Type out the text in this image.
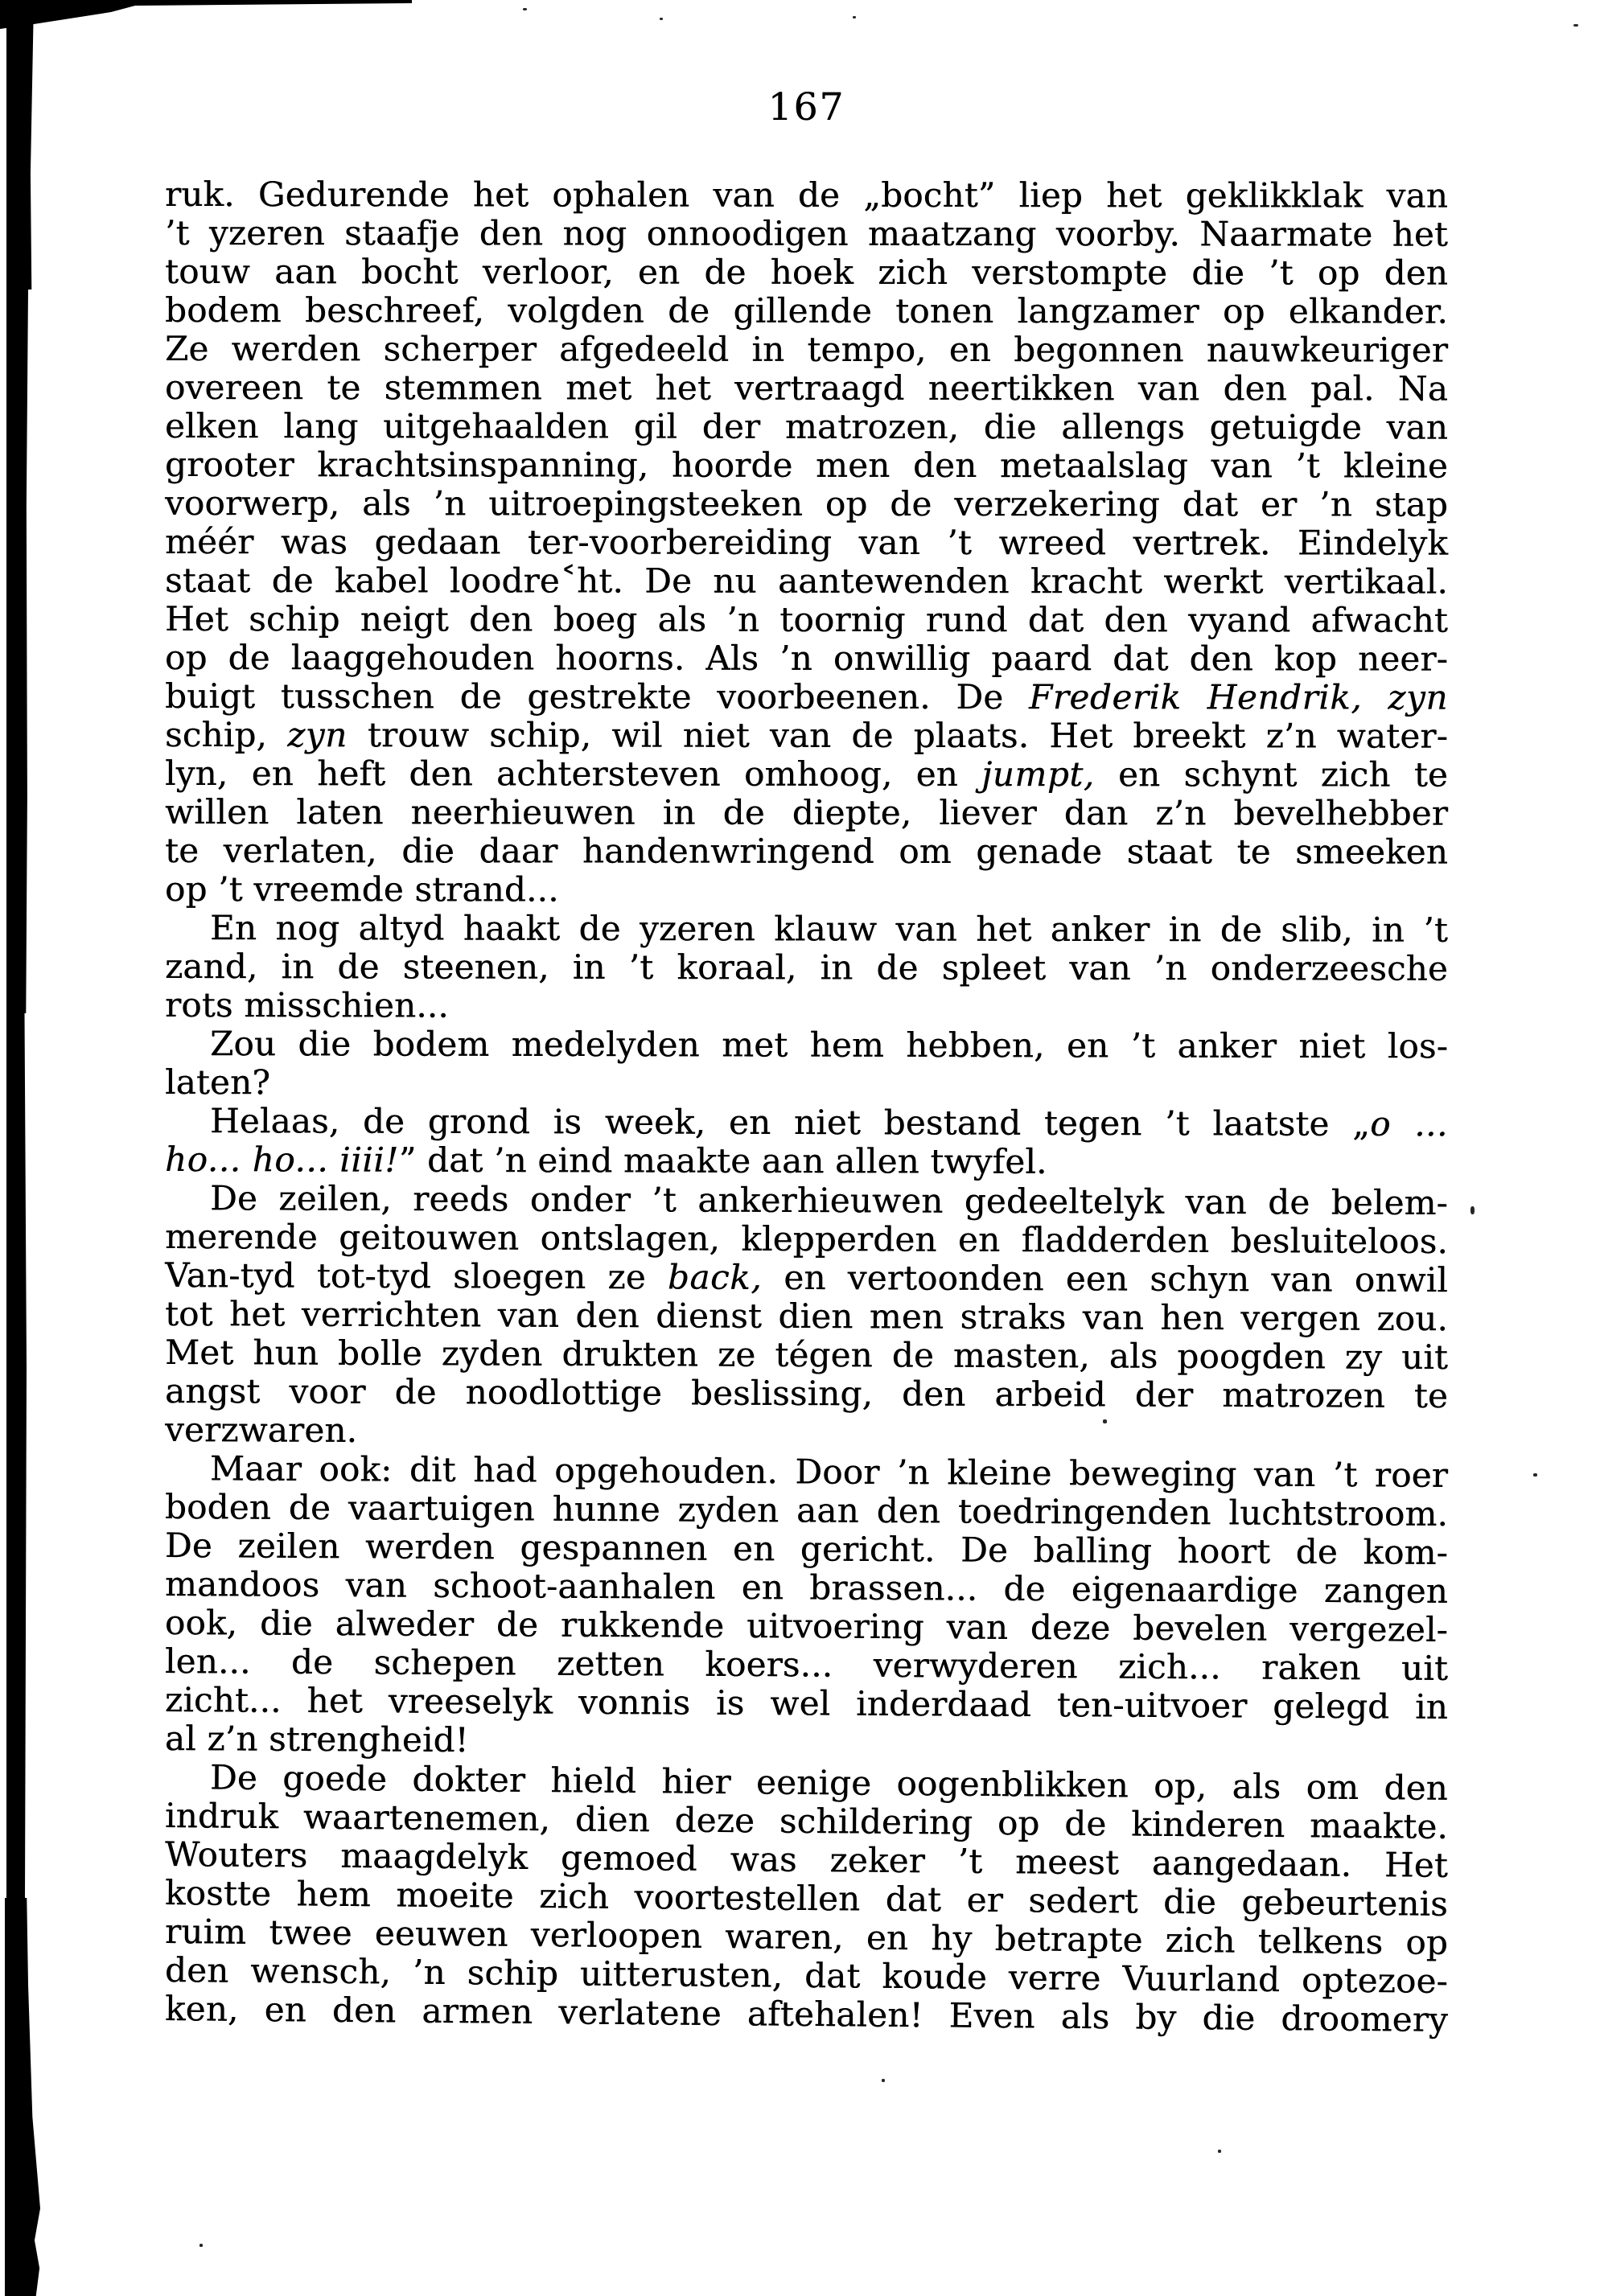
167
ruk. Gedurende het ophalen van de „bocht” liep het geklikklak van
’t yzeren staafje den nog onnoodigen maatzang voorby. Naarmate het
touw aan bocht verloor, en de hoek zich verstompte die ’t op den
bodem beschreef, volgden de gillende tonen langzamer op elkander.
Ze werden scherper afgedeeld in tempo, en begonnen nauwkeuriger
overeen te stemmen met het vertraagd neertikken van den pal. Na
elken lang uitgehaalden gil der matrozen, die allengs getuigde van
grooter krachtsinspanning, hoorde men den metaalslag van ’t kleine
voorwerp, als ’n uitroepingsteeken op de verzekering dat er ’n stap
méér was gedaan ter-voorbereiding van ’t wreed vertrek. Eindelyk
staat de kabel loodre˂ht. De nu aantewenden kracht werkt vertikaal.
Het schip neigt den boeg als ’n toornig rund dat den vyand afwacht
op de laaggehouden hoorns. Als ’n onwillig paard dat den kop neer-
buigt tusschen de gestrekte voorbeenen. De Frederik Hendrik, zyn
schip, zyn trouw schip, wil niet van de plaats. Het breekt z’n water-
lyn, en heft den achtersteven omhoog, en jumpt, en schynt zich te
willen laten neerhieuwen in de diepte, liever dan z’n bevelhebber
te verlaten, die daar handenwringend om genade staat te smeeken
op ’t vreemde strand...
En nog altyd haakt de yzeren klauw van het anker in de slib, in ’t
zand, in de steenen, in ’t koraal, in de spleet van ’n onderzeesche
rots misschien...
Zou die bodem medelyden met hem hebben, en ’t anker niet los-
laten?
Helaas, de grond is week, en niet bestand tegen ’t laatste „o ...
ho... ho... iiii!” dat ’n eind maakte aan allen twyfel.
De zeilen, reeds onder ’t ankerhieuwen gedeeltelyk van de belem-
merende geitouwen ontslagen, klepperden en fladderden besluiteloos.
Van-tyd tot-tyd sloegen ze back, en vertoonden een schyn van onwil
tot het verrichten van den dienst dien men straks van hen vergen zou.
Met hun bolle zyden drukten ze tégen de masten, als poogden zy uit
angst voor de noodlottige beslissing, den arbeid der matrozen te
verzwaren.
Maar ook: dit had opgehouden. Door ’n kleine beweging van ’t roer
boden de vaartuigen hunne zyden aan den toedringenden luchtstroom.
De zeilen werden gespannen en gericht. De balling hoort de kom-
mandoos van schoot-aanhalen en brassen... de eigenaardige zangen
ook, die alweder de rukkende uitvoering van deze bevelen vergezel-
len... de schepen zetten koers... verwyderen zich... raken uit
zicht... het vreeselyk vonnis is wel inderdaad ten-uitvoer gelegd in
al z’n strengheid!
De goede dokter hield hier eenige oogenblikken op, als om den
indruk waartenemen, dien deze schildering op de kinderen maakte.
Wouters maagdelyk gemoed was zeker ’t meest aangedaan. Het
kostte hem moeite zich voortestellen dat er sedert die gebeurtenis
ruim twee eeuwen verloopen waren, en hy betrapte zich telkens op
den wensch, ’n schip uitterusten, dat koude verre Vuurland optezoe-
ken, en den armen verlatene aftehalen! Even als by die droomery
